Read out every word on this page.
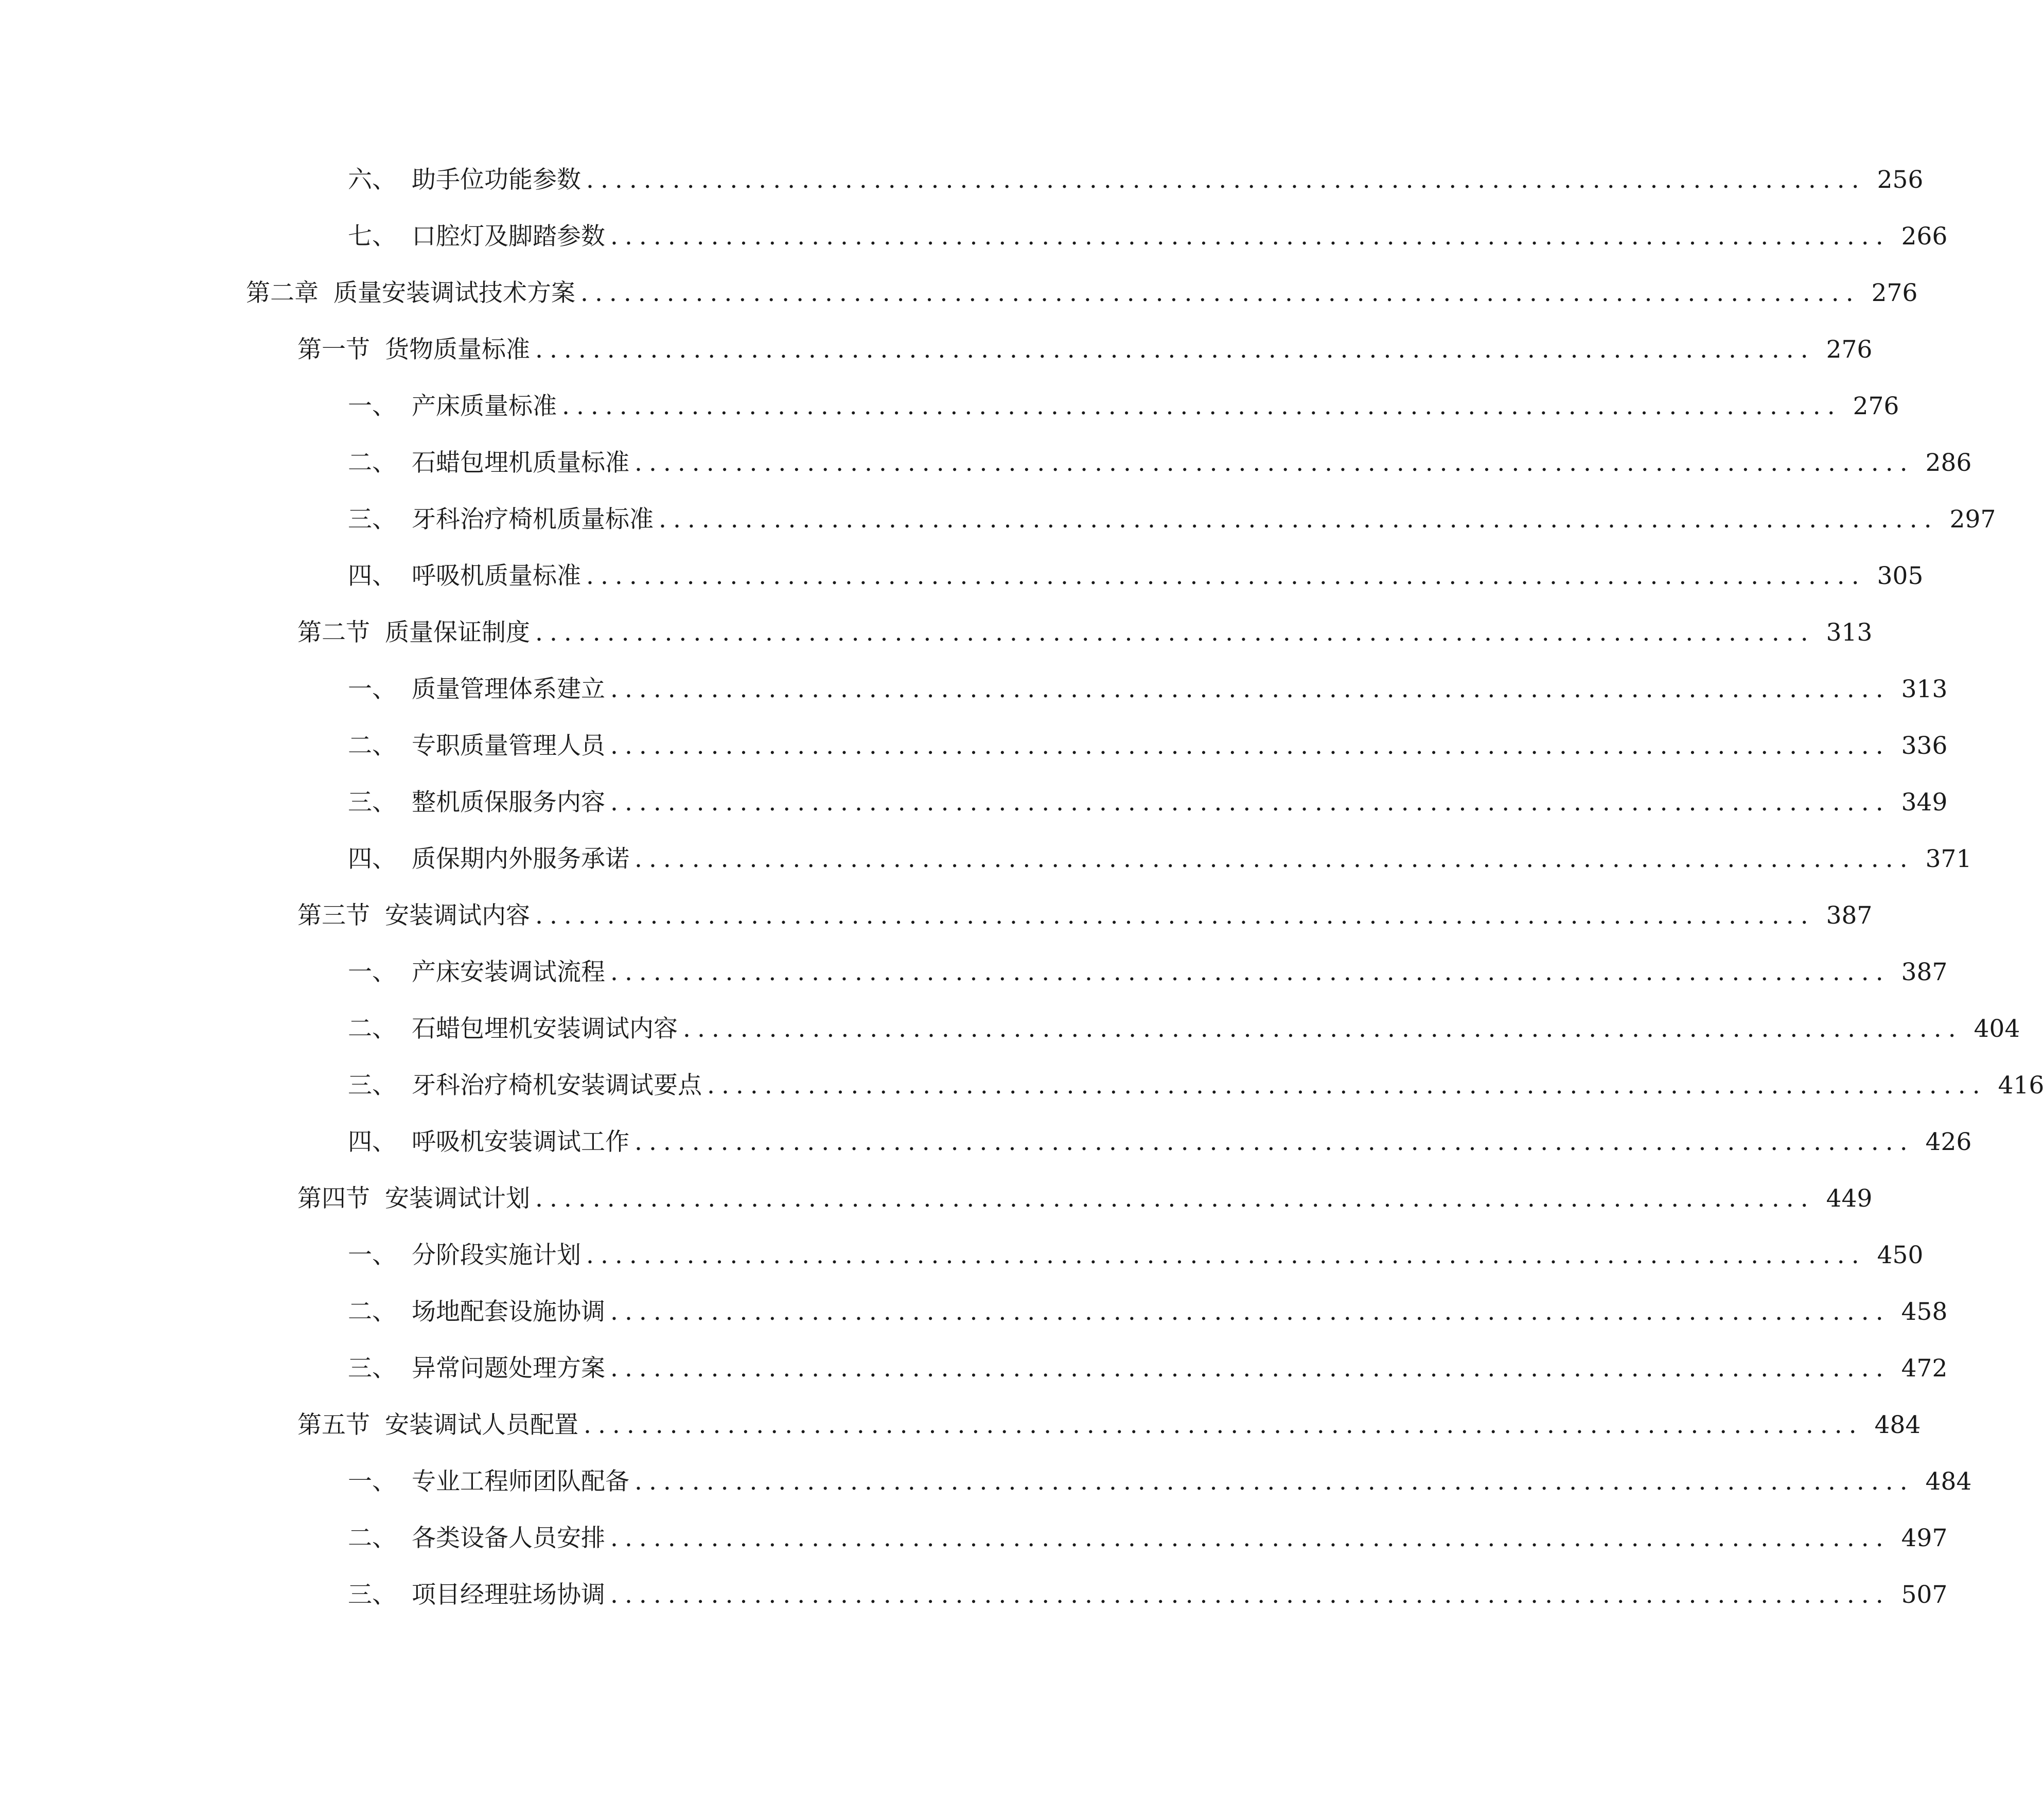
六、 助手位功能参数 ......................................................................................... 256
七、 口腔灯及脚踏参数 ......................................................................................... 266
第二章 质量安装调试技术方案 ......................................................................................... 276
第一节 货物质量标准 ......................................................................................... 276
一、 产床质量标准 ......................................................................................... 276
二、 石蜡包埋机质量标准 ......................................................................................... 286
三、 牙科治疗椅机质量标准 ......................................................................................... 297
四、 呼吸机质量标准 ......................................................................................... 305
第二节 质量保证制度 ......................................................................................... 313
一、 质量管理体系建立 ......................................................................................... 313
二、 专职质量管理人员 ......................................................................................... 336
三、 整机质保服务内容 ......................................................................................... 349
四、 质保期内外服务承诺 ......................................................................................... 371
第三节 安装调试内容 ......................................................................................... 387
一、 产床安装调试流程 ......................................................................................... 387
二、 石蜡包埋机安装调试内容 ......................................................................................... 404
三、 牙科治疗椅机安装调试要点 ......................................................................................... 416
四、 呼吸机安装调试工作 ......................................................................................... 426
第四节 安装调试计划 ......................................................................................... 449
一、 分阶段实施计划 ......................................................................................... 450
二、 场地配套设施协调 ......................................................................................... 458
三、 异常问题处理方案 ......................................................................................... 472
第五节 安装调试人员配置 ......................................................................................... 484
一、 专业工程师团队配备 ......................................................................................... 484
二、 各类设备人员安排 ......................................................................................... 497
三、 项目经理驻场协调 ......................................................................................... 507
